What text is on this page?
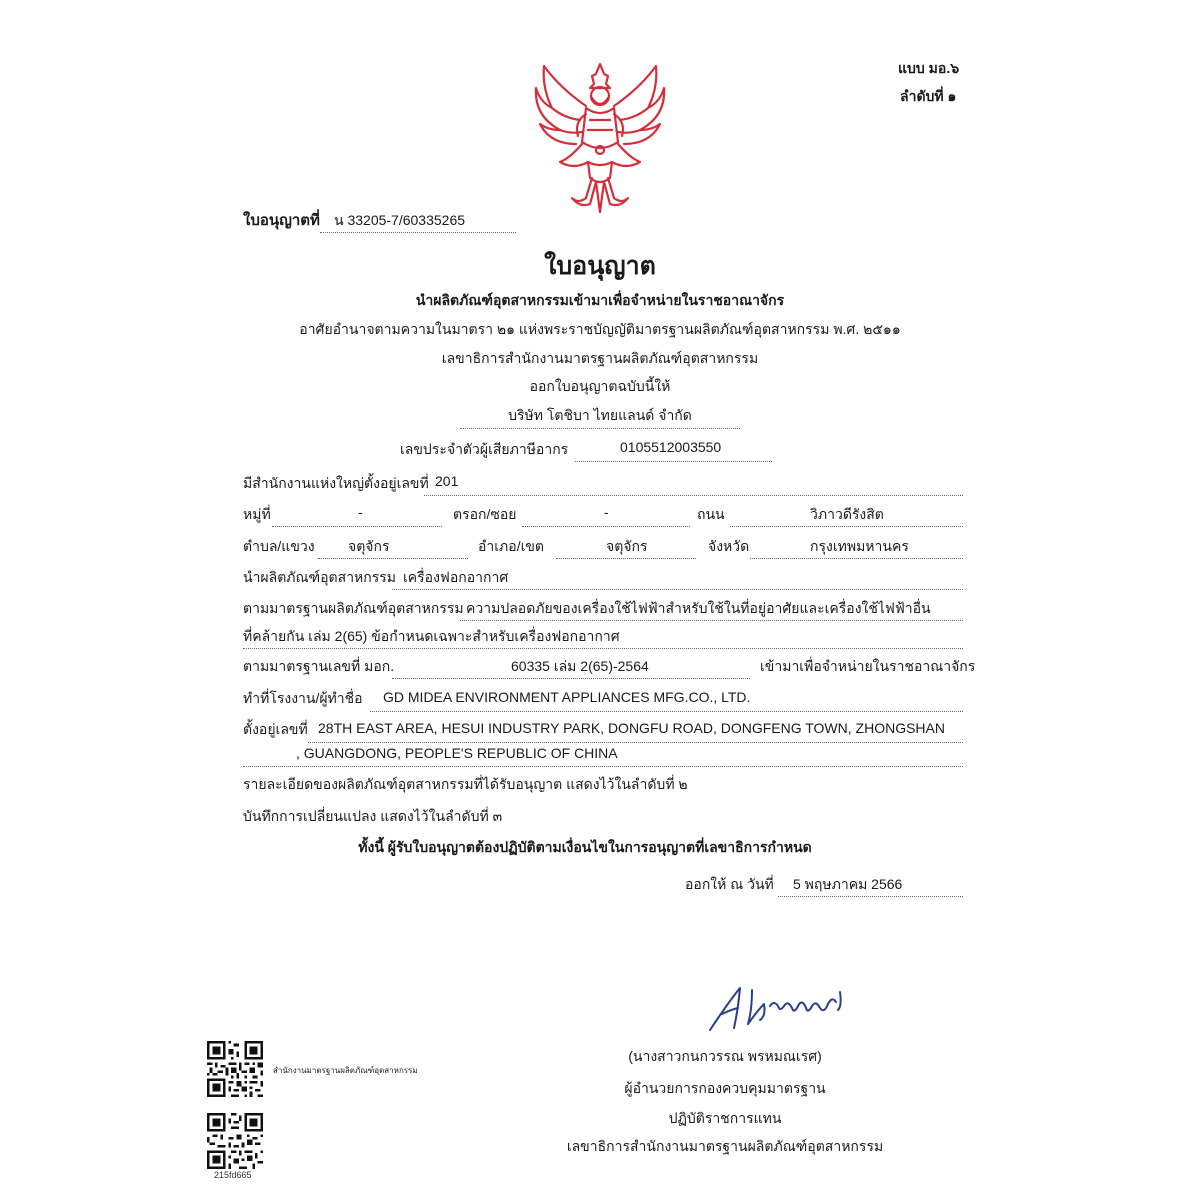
แบบ มอ.๖
ลำดับที่ ๑
ใบอนุญาตที่ น 33205-7/60335265
ใบอนุญาต
นำผลิตภัณฑ์อุตสาหกรรมเข้ามาเพื่อจำหน่ายในราชอาณาจักร
อาศัยอำนาจตามความในมาตรา ๒๑ แห่งพระราชบัญญัติมาตรฐานผลิตภัณฑ์อุตสาหกรรม พ.ศ. ๒๕๑๑
เลขาธิการสำนักงานมาตรฐานผลิตภัณฑ์อุตสาหกรรม
ออกใบอนุญาตฉบับนี้ให้
บริษัท โตชิบา ไทยแลนด์ จำกัด
เลขประจำตัวผู้เสียภาษีอากร	0105512003550
มีสำนักงานแห่งใหญ่ตั้งอยู่เลขที่ 201
หมู่ที่	-	ตรอก/ซอย	-	ถนน	วิภาวดีรังสิต
ตำบล/แขวง จตุจักร	อำเภอ/เขต	จตุจักร	จังหวัด	กรุงเทพมหานคร
นำผลิตภัณฑ์อุตสาหกรรม เครื่องฟอกอากาศ
ตามมาตรฐานผลิตภัณฑ์อุตสาหกรรม ความปลอดภัยของเครื่องใช้ไฟฟ้าสำหรับใช้ในที่อยู่อาศัยและเครื่องใช้ไฟฟ้าอื่น
ที่คล้ายกัน เล่ม 2(65) ข้อกำหนดเฉพาะสำหรับเครื่องฟอกอากาศ
ตามมาตรฐานเลขที่ มอก.	60335 เล่ม 2(65)-2564	เข้ามาเพื่อจำหน่ายในราชอาณาจักร
ทำที่โรงงาน/ผู้ทำชื่อ GD MIDEA ENVIRONMENT APPLIANCES MFG.CO., LTD.
ตั้งอยู่เลขที่ 28TH EAST AREA, HESUI INDUSTRY PARK, DONGFU ROAD, DONGFENG TOWN, ZHONGSHAN
, GUANGDONG, PEOPLE'S REPUBLIC OF CHINA
รายละเอียดของผลิตภัณฑ์อุตสาหกรรมที่ได้รับอนุญาต แสดงไว้ในลำดับที่ ๒
บันทึกการเปลี่ยนแปลง แสดงไว้ในลำดับที่ ๓
ทั้งนี้ ผู้รับใบอนุญาตต้องปฏิบัติตามเงื่อนไขในการอนุญาตที่เลขาธิการกำหนด
ออกให้ ณ วันที่ 5 พฤษภาคม 2566
(นางสาวกนกวรรณ พรหมณเรศ)
ผู้อำนวยการกองควบคุมมาตรฐาน
ปฏิบัติราชการแทน
เลขาธิการสำนักงานมาตรฐานผลิตภัณฑ์อุตสาหกรรม
สำนักงานมาตรฐานผลิตภัณฑ์อุตสาหกรรม
215fd665
